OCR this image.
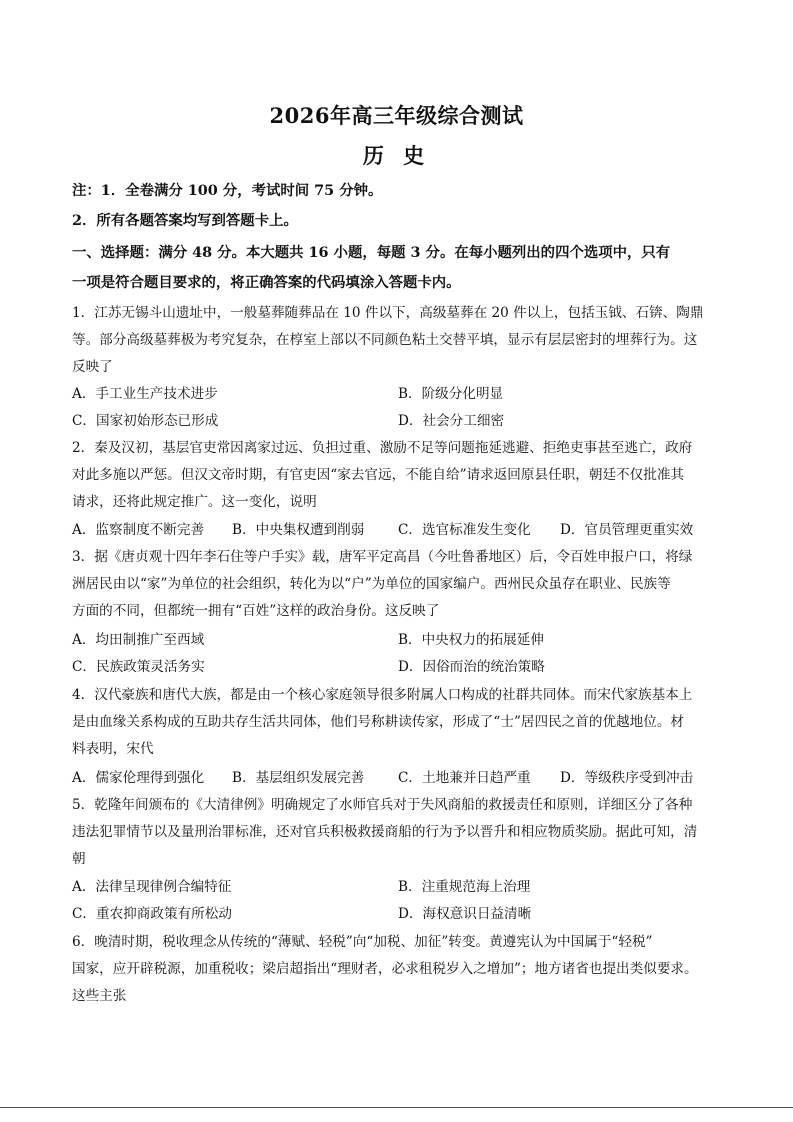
2026年高三年级综合测试
历 史
注：1．全卷满分 100 分，考试时间 75 分钟。
2．所有各题答案均写到答题卡上。
一、选择题：满分 48 分。本大题共 16 小题，每题 3 分。在每小题列出的四个选项中，只有
一项是符合题目要求的，将正确答案的代码填涂入答题卡内。
1．江苏无锡斗山遗址中，一般墓葬随葬品在 10 件以下，高级墓葬在 20 件以上，包括玉钺、石锛、陶鼎
等。部分高级墓葬极为考究复杂，在椁室上部以不同颜色粘土交替平填，显示有层层密封的埋葬行为。这
反映了
A．手工业生产技术进步	B．阶级分化明显
C．国家初始形态已形成	D．社会分工细密
2．秦及汉初，基层官吏常因离家过远、负担过重、激励不足等问题拖延逃避、拒绝吏事甚至逃亡，政府
对此多施以严惩。但汉文帝时期，有官吏因“家去官远，不能自给”请求返回原县任职，朝廷不仅批准其
请求，还将此规定推广。这一变化，说明
A．监察制度不断完善 B．中央集权遭到削弱 C．选官标准发生变化 D．官员管理更重实效
3．据《唐贞观十四年李石住等户手实》载，唐军平定高昌（今吐鲁番地区）后，令百姓申报户口，将绿
洲居民由以“家”为单位的社会组织，转化为以“户”为单位的国家编户。西州民众虽存在职业、民族等
方面的不同，但都统一拥有“百姓”这样的政治身份。这反映了
A．均田制推广至西域	B．中央权力的拓展延伸
C．民族政策灵活务实	D．因俗而治的统治策略
4．汉代豪族和唐代大族，都是由一个核心家庭领导很多附属人口构成的社群共同体。而宋代家族基本上
是由血缘关系构成的互助共存生活共同体，他们号称耕读传家，形成了“士”居四民之首的优越地位。材
料表明，宋代
A．儒家伦理得到强化 B．基层组织发展完善 C．土地兼并日趋严重 D．等级秩序受到冲击
5．乾隆年间颁布的《大清律例》明确规定了水师官兵对于失风商船的救援责任和原则，详细区分了各种
违法犯罪情节以及量刑治罪标准，还对官兵积极救援商船的行为予以晋升和相应物质奖励。据此可知，清
朝
A．法律呈现律例合编特征	B．注重规范海上治理
C．重农抑商政策有所松动	D．海权意识日益清晰
6．晚清时期，税收理念从传统的“薄赋、轻税”向“加税、加征”转变。黄遵宪认为中国属于“轻税”
国家，应开辟税源，加重税收；梁启超指出“理财者，必求租税岁入之增加”；地方诸省也提出类似要求。
这些主张
